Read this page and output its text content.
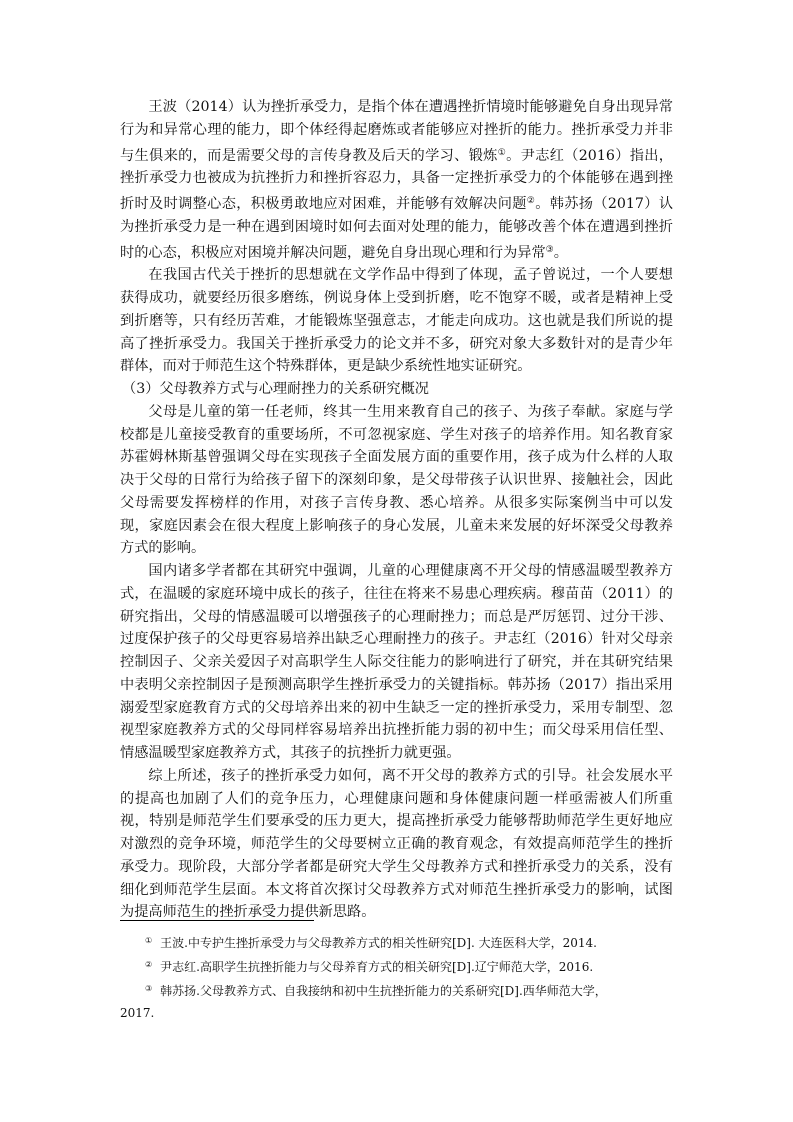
王波（2014）认为挫折承受力，是指个体在遭遇挫折情境时能够避免自身出现异常行为和异常心理的能力，即个体经得起磨炼或者能够应对挫折的能力。挫折承受力并非与生俱来的，而是需要父母的言传身教及后天的学习、锻炼①。尹志红（2016）指出，挫折承受力也被成为抗挫折力和挫折容忍力，具备一定挫折承受力的个体能够在遇到挫折时及时调整心态，积极勇敢地应对困难，并能够有效解决问题②。韩苏扬（2017）认为挫折承受力是一种在遇到困境时如何去面对处理的能力，能够改善个体在遭遇到挫折时的心态，积极应对困境并解决问题，避免自身出现心理和行为异常③。

在我国古代关于挫折的思想就在文学作品中得到了体现，孟子曾说过，一个人要想获得成功，就要经历很多磨练，例说身体上受到折磨，吃不饱穿不暖，或者是精神上受到折磨等，只有经历苦难，才能锻炼坚强意志，才能走向成功。这也就是我们所说的提高了挫折承受力。我国关于挫折承受力的论文并不多，研究对象大多数针对的是青少年群体，而对于师范生这个特殊群体，更是缺少系统性地实证研究。

（3）父母教养方式与心理耐挫力的关系研究概况

父母是儿童的第一任老师，终其一生用来教育自己的孩子、为孩子奉献。家庭与学校都是儿童接受教育的重要场所，不可忽视家庭、学生对孩子的培养作用。知名教育家苏霍姆林斯基曾强调父母在实现孩子全面发展方面的重要作用，孩子成为什么样的人取决于父母的日常行为给孩子留下的深刻印象，是父母带孩子认识世界、接触社会，因此父母需要发挥榜样的作用，对孩子言传身教、悉心培养。从很多实际案例当中可以发现，家庭因素会在很大程度上影响孩子的身心发展，儿童未来发展的好坏深受父母教养方式的影响。

国内诸多学者都在其研究中强调，儿童的心理健康离不开父母的情感温暖型教养方式，在温暖的家庭环境中成长的孩子，往往在将来不易患心理疾病。穆苗苗（2011）的研究指出，父母的情感温暖可以增强孩子的心理耐挫力；而总是严厉惩罚、过分干涉、过度保护孩子的父母更容易培养出缺乏心理耐挫力的孩子。尹志红（2016）针对父母亲控制因子、父亲关爱因子对高职学生人际交往能力的影响进行了研究，并在其研究结果中表明父亲控制因子是预测高职学生挫折承受力的关键指标。韩苏扬（2017）指出采用溺爱型家庭教育方式的父母培养出来的初中生缺乏一定的挫折承受力，采用专制型、忽视型家庭教养方式的父母同样容易培养出抗挫折能力弱的初中生；而父母采用信任型、情感温暖型家庭教养方式，其孩子的抗挫折力就更强。

综上所述，孩子的挫折承受力如何，离不开父母的教养方式的引导。社会发展水平的提高也加剧了人们的竞争压力，心理健康问题和身体健康问题一样亟需被人们所重视，特别是师范学生们要承受的压力更大，提高挫折承受力能够帮助师范学生更好地应对激烈的竞争环境，师范学生的父母要树立正确的教育观念，有效提高师范学生的挫折承受力。现阶段，大部分学者都是研究大学生父母教养方式和挫折承受力的关系，没有细化到师范学生层面。本文将首次探讨父母教养方式对师范生挫折承受力的影响，试图为提高师范生的挫折承受力提供新思路。

① 王波.中专护生挫折承受力与父母教养方式的相关性研究[D]. 大连医科大学，2014.

② 尹志红.高职学生抗挫折能力与父母养育方式的相关研究[D].辽宁师范大学，2016.

③ 韩苏扬.父母教养方式、自我接纳和初中生抗挫折能力的关系研究[D].西华师范大学，
2017.
